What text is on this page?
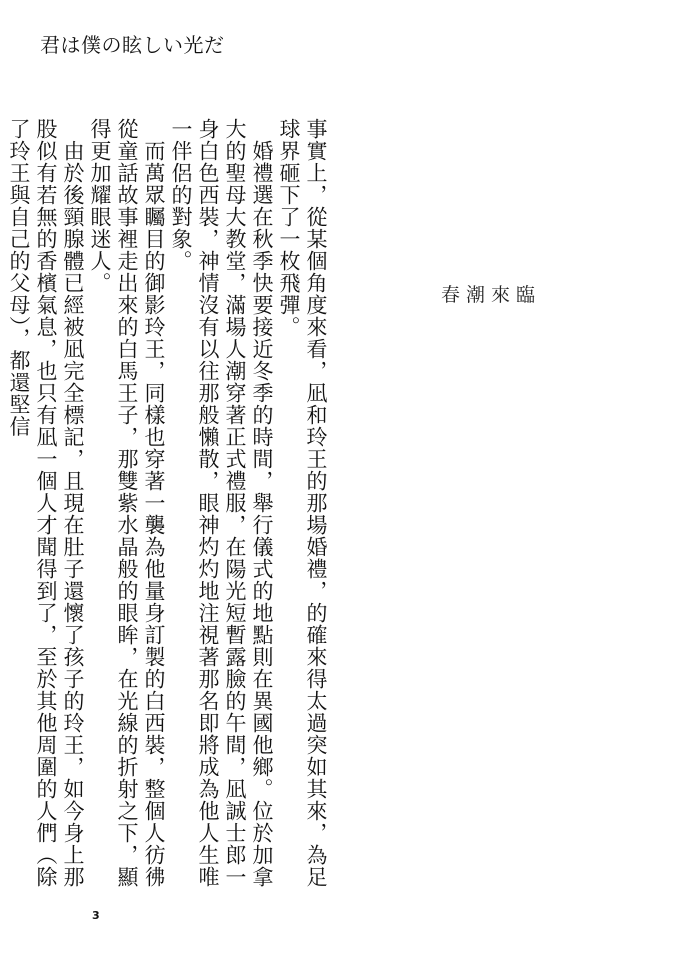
君は僕の眩しい光だ
春潮來臨

事實上，從某個角度來看，凪和玲王的那場婚禮，的確來得太過突如其來，為足球界砸下了一枚飛彈。

　婚禮選在秋季快要接近冬季的時間，舉行儀式的地點則在異國他鄉。位於加拿大的聖母大教堂，滿場人潮穿著正式禮服，在陽光短暫露臉的午間，凪誠士郎一身白色西裝，神情沒有以往那般懶散，眼神灼灼地注視著那名即將成為他人生唯一伴侶的對象。

　而萬眾矚目的御影玲王，同樣也穿著一襲為他量身訂製的白西裝，整個人彷彿從童話故事裡走出來的白馬王子，那雙紫水晶般的眼眸，在光線的折射之下，顯得更加耀眼迷人。

　由於後頸腺體已經被凪完全標記，且現在肚子還懷了孩子的玲王，如今身上那股似有若無的香檳氣息，也只有凪一個人才聞得到了，至於其他周圍的人們（除了玲王與自己的父母），都還堅信

3
